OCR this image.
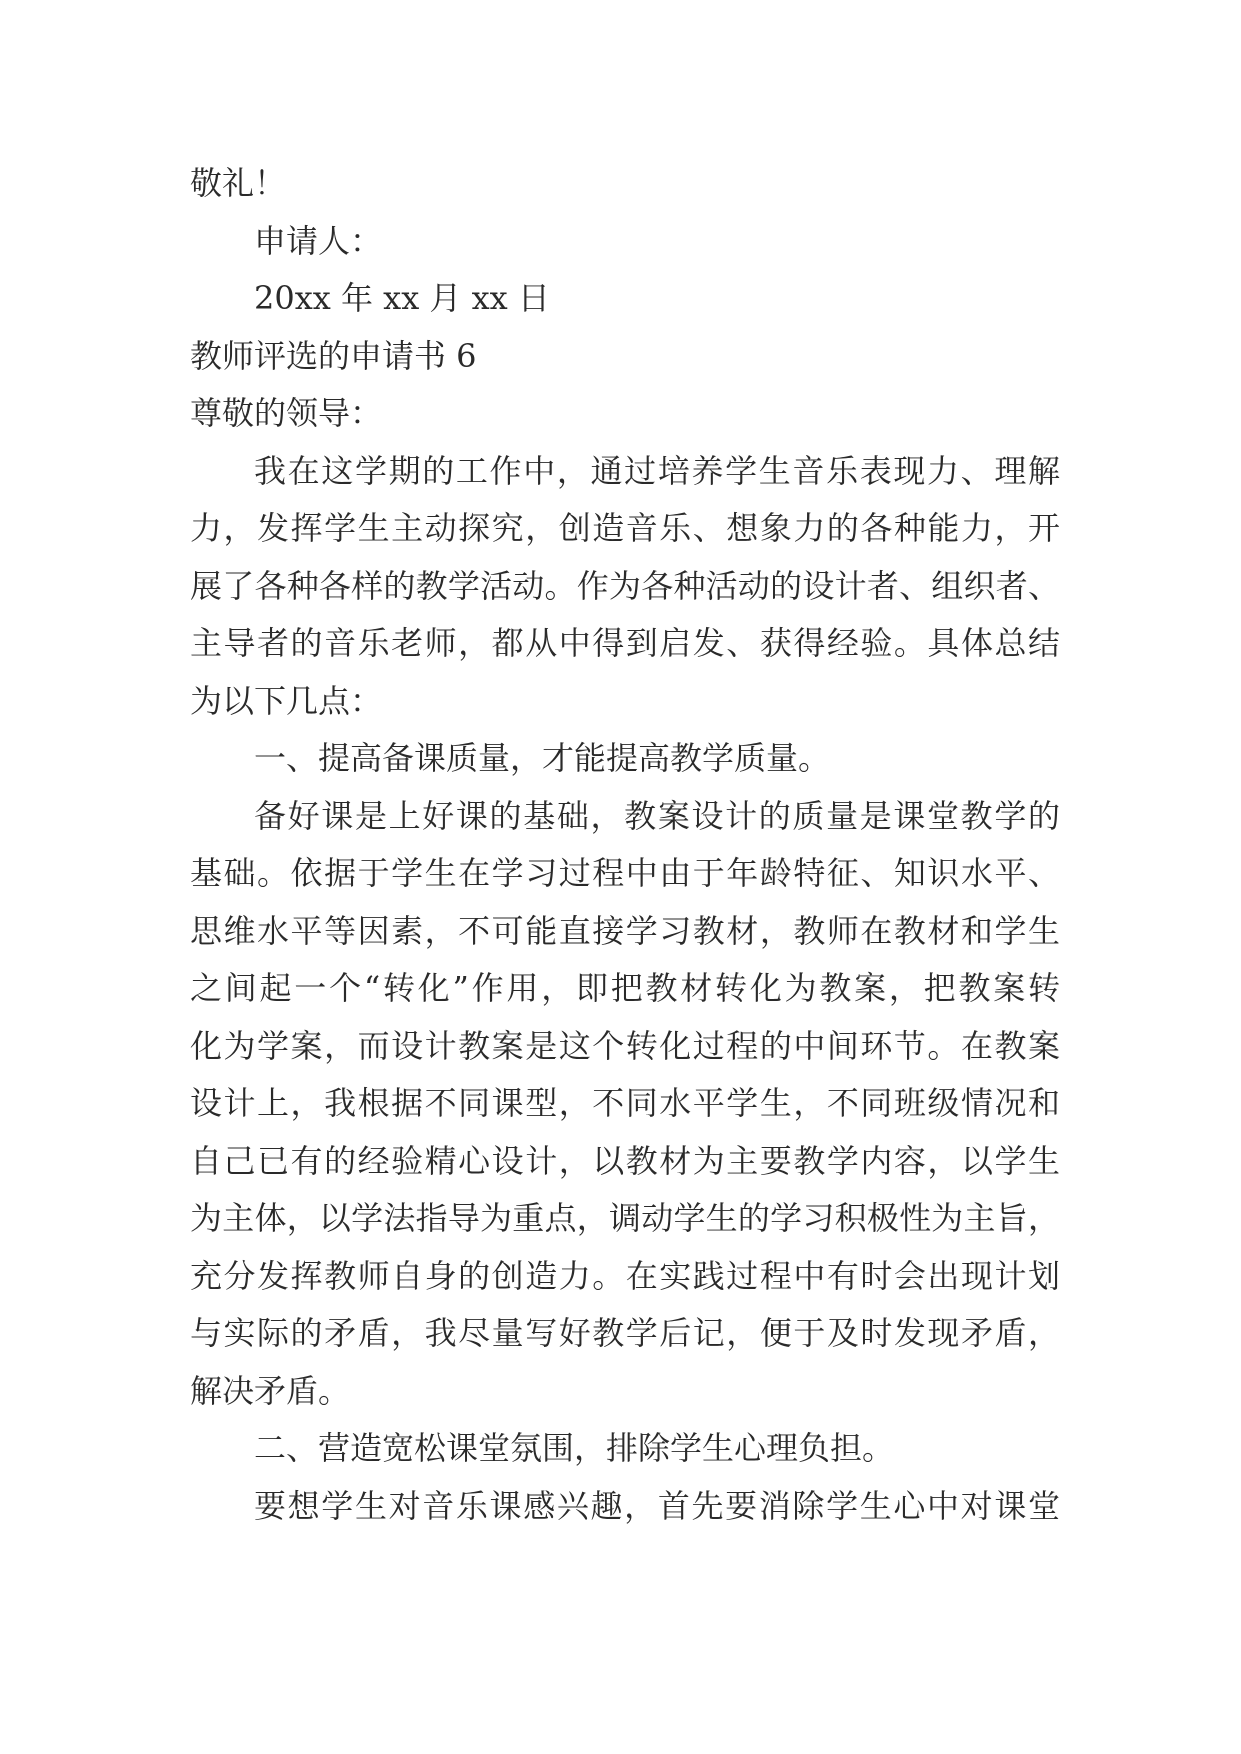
敬礼！
申请人：
20xx 年 xx 月 xx 日
教师评选的申请书 6
尊敬的领导：
我在这学期的工作中，通过培养学生音乐表现力、理解
力，发挥学生主动探究，创造音乐、想象力的各种能力，开
展了各种各样的教学活动。作为各种活动的设计者、组织者、
主导者的音乐老师，都从中得到启发、获得经验。具体总结
为以下几点：
一、提高备课质量，才能提高教学质量。
备好课是上好课的基础，教案设计的质量是课堂教学的
基础。依据于学生在学习过程中由于年龄特征、知识水平、
思维水平等因素，不可能直接学习教材，教师在教材和学生
之间起一个“转化”作用，即把教材转化为教案，把教案转
化为学案，而设计教案是这个转化过程的中间环节。在教案
设计上，我根据不同课型，不同水平学生，不同班级情况和
自己已有的经验精心设计，以教材为主要教学内容，以学生
为主体，以学法指导为重点，调动学生的学习积极性为主旨，
充分发挥教师自身的创造力。在实践过程中有时会出现计划
与实际的矛盾，我尽量写好教学后记，便于及时发现矛盾，
解决矛盾。
二、营造宽松课堂氛围，排除学生心理负担。
要想学生对音乐课感兴趣，首先要消除学生心中对课堂
